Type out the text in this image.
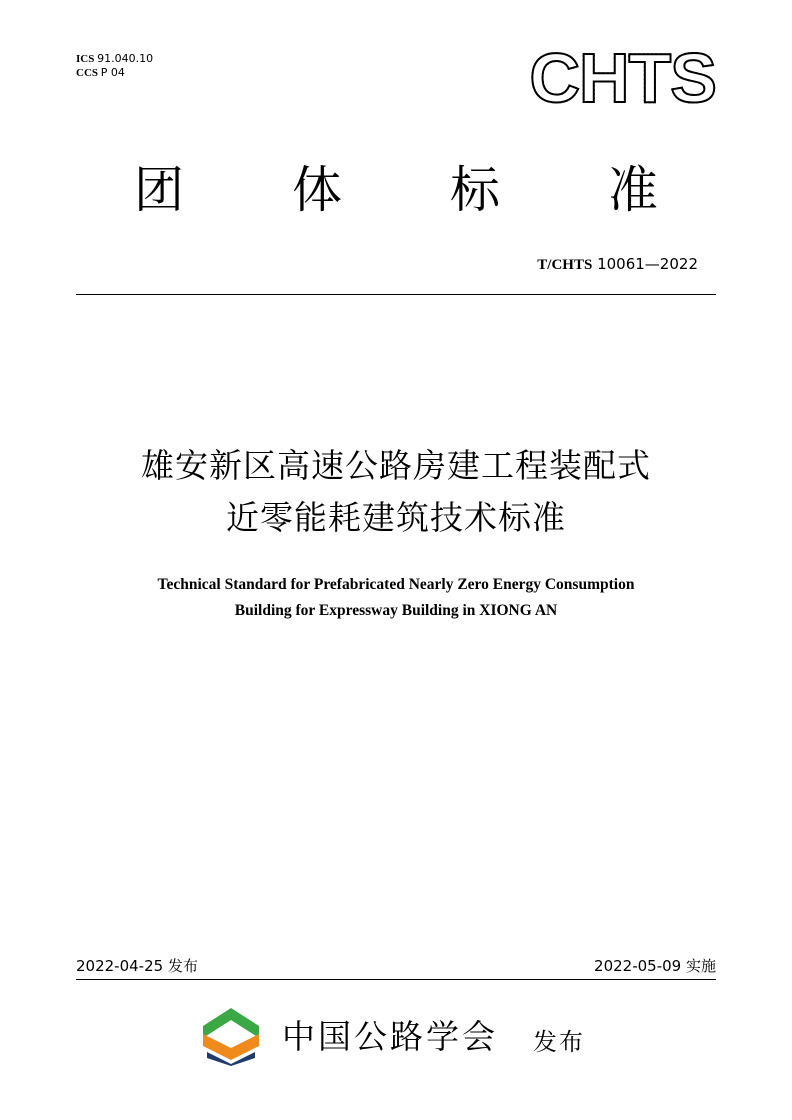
ICS 91.040.10
CCS P 04	CHTS
团 体 标 准
T/CHTS 10061—2022
雄安新区高速公路房建工程装配式
近零能耗建筑技术标准
Technical Standard for Prefabricated Nearly Zero Energy Consumption
Building for Expressway Building in XIONG AN
2022-04-25 发布	2022-05-09 实施
中国公路学会 发布
